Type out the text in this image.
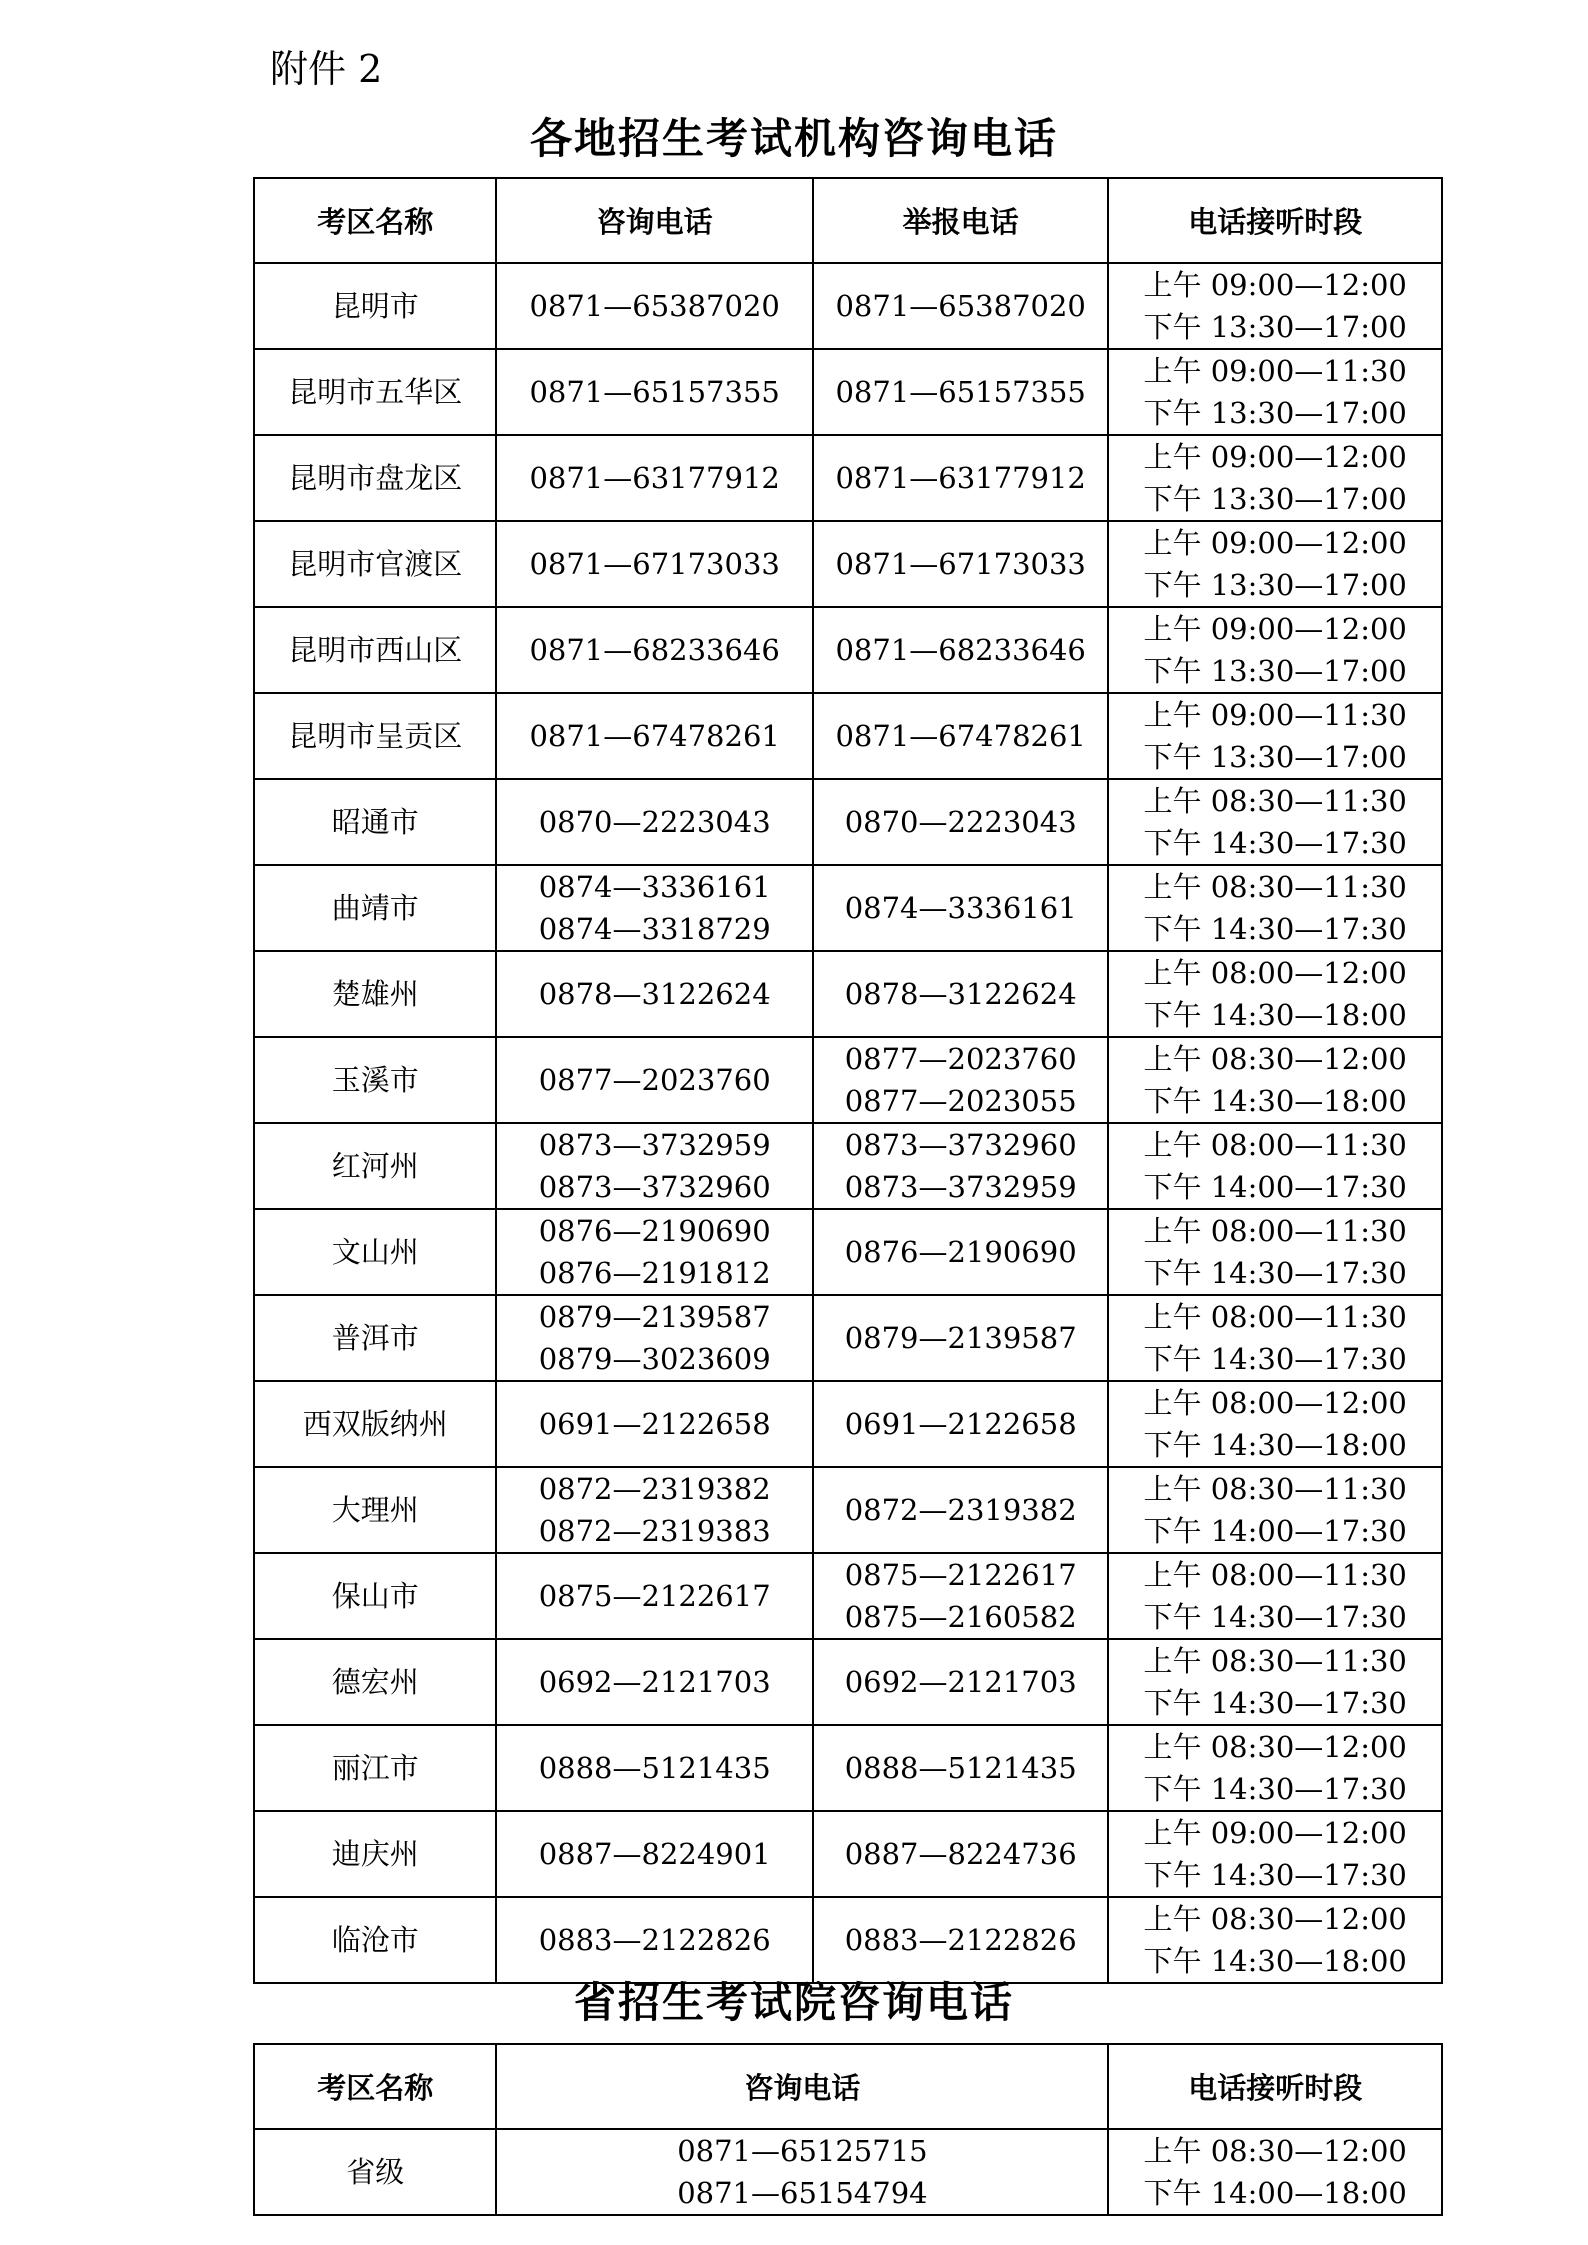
附件 2
各地招生考试机构咨询电话
考区名称	咨询电话	举报电话	电话接听时段
昆明市	0871—65387020	0871—65387020	上午 09:00—12:00
下午 13:30—17:00

昆明市五华区	0871—65157355	0871—65157355	上午 09:00—11:30
下午 13:30—17:00

昆明市盘龙区	0871—63177912	0871—63177912	上午 09:00—12:00
下午 13:30—17:00

昆明市官渡区	0871—67173033	0871—67173033	上午 09:00—12:00
下午 13:30—17:00

昆明市西山区	0871—68233646	0871—68233646	上午 09:00—12:00
下午 13:30—17:00

昆明市呈贡区	0871—67478261	0871—67478261	上午 09:00—11:30
下午 13:30—17:00

昭通市	0870—2223043	0870—2223043	上午 08:30—11:30
下午 14:30—17:30

曲靖市	0874—3336161
0874—3318729	0874—3336161	上午 08:30—11:30
下午 14:30—17:30

楚雄州	0878—3122624	0878—3122624	上午 08:00—12:00
下午 14:30—18:00

玉溪市	0877—2023760	0877—2023760
0877—2023055	上午 08:30—12:00
下午 14:30—18:00

红河州	0873—3732959
0873—3732960	0873—3732960
0873—3732959	上午 08:00—11:30
下午 14:00—17:30

文山州	0876—2190690
0876—2191812	0876—2190690	上午 08:00—11:30
下午 14:30—17:30

普洱市	0879—2139587
0879—3023609	0879—2139587	上午 08:00—11:30
下午 14:30—17:30

西双版纳州	0691—2122658	0691—2122658	上午 08:00—12:00
下午 14:30—18:00

大理州	0872—2319382
0872—2319383	0872—2319382	上午 08:30—11:30
下午 14:00—17:30

保山市	0875—2122617	0875—2122617
0875—2160582	上午 08:00—11:30
下午 14:30—17:30

德宏州	0692—2121703	0692—2121703	上午 08:30—11:30
下午 14:30—17:30

丽江市	0888—5121435	0888—5121435	上午 08:30—12:00
下午 14:30—17:30

迪庆州	0887—8224901	0887—8224736	上午 09:00—12:00
下午 14:30—17:30

临沧市	0883—2122826	0883—2122826	上午 08:30—12:00
下午 14:30—18:00
省招生考试院咨询电话
考区名称	咨询电话	电话接听时段
省级	0871—65125715
0871—65154794	上午 08:30—12:00
下午 14:00—18:00
